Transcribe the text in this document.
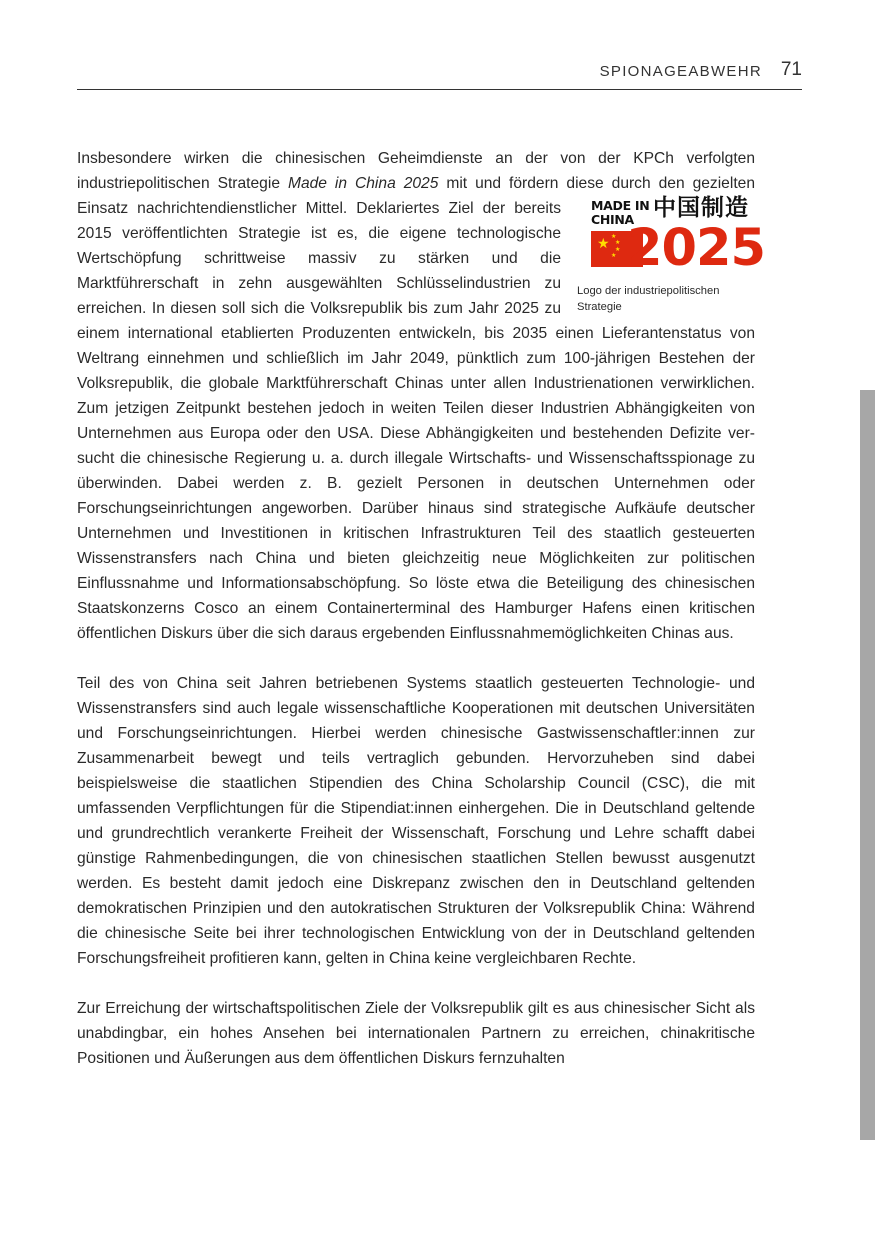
SPIONAGEABWEHR 71

Insbesondere wirken die chinesischen Geheimdienste an der von der KPCh verfolgten industriepolitischen Strategie Made in China 2025 mit und fördern diese durch den
MADE IN
CHINA 中国制造
★ ★
★
★
★ 2025
Logo der industriepolitischen Strategie
gezielten Einsatz nachrichtendienstlicher Mittel. Deklariertes Ziel der bereits 2015 veröffentlichten Strategie ist es, die eigene technologische Wertschöpfung schrittweise massiv zu stärken und die Marktführerschaft in zehn ausgewählten Schlüsselindustrien zu erreichen. In diesen soll sich die Volksrepublik bis zum Jahr 2025 zu einem international etablierten Produzenten entwickeln, bis 2035 einen Lieferantenstatus von Weltrang einnehmen und schließlich im Jahr 2049, pünktlich zum 100-jährigen Bestehen der Volksrepublik, die globale Marktführerschaft Chinas unter allen Industrienationen verwirklichen. Zum jetzigen Zeitpunkt bestehen jedoch in weiten Teilen dieser Industrien Abhängigkeiten von Unternehmen aus Europa oder den USA. Diese Abhängigkeiten und bestehenden Defizite versucht die chinesische Regierung u. a. durch illegale Wirtschafts- und Wissenschaftsspionage zu überwinden. Dabei werden z. B. gezielt Personen in deutschen Unternehmen oder Forschungseinrichtungen angeworben. Darüber hinaus sind strategische Aufkäufe deutscher Unternehmen und Investitionen in kritischen Infrastrukturen Teil des staatlich gesteuerten Wissenstransfers nach China und bieten gleichzeitig neue Möglichkeiten zur politischen Einflussnahme und Informationsabschöpfung. So löste etwa die Beteiligung des chinesischen Staatskonzerns Cosco an einem Containerterminal des Hamburger Hafens einen kritischen öffentlichen Diskurs über die sich daraus ergebenden Einflussnahmemöglichkeiten Chinas aus.

Teil des von China seit Jahren betriebenen Systems staatlich gesteuerten Technologie- und Wissenstransfers sind auch legale wissenschaftliche Kooperationen mit deutschen Universitäten und Forschungseinrichtungen. Hierbei werden chinesische Gastwissenschaftler:innen zur Zusammenarbeit bewegt und teils vertraglich gebunden. Hervorzuheben sind dabei beispielsweise die staatlichen Stipendien des China Scholarship Council (CSC), die mit umfassenden Verpflichtungen für die Stipendiat:innen einhergehen. Die in Deutschland geltende und grundrechtlich verankerte Freiheit der Wissenschaft, Forschung und Lehre schafft dabei günstige Rahmenbedingungen, die von chinesischen staatlichen Stellen bewusst ausgenutzt werden. Es besteht damit jedoch eine Diskrepanz zwischen den in Deutschland geltenden demokratischen Prinzipien und den autokratischen Strukturen der Volksrepublik China: Während die chinesische Seite bei ihrer technologischen Entwicklung von der in Deutschland geltenden Forschungsfreiheit profitieren kann, gelten in China keine vergleichbaren Rechte.

Zur Erreichung der wirtschaftspolitischen Ziele der Volksrepublik gilt es aus chinesischer Sicht als unabdingbar, ein hohes Ansehen bei internationalen Partnern zu erreichen, chinakritische Positionen und Äußerungen aus dem öffentlichen Diskurs fernzuhalten
